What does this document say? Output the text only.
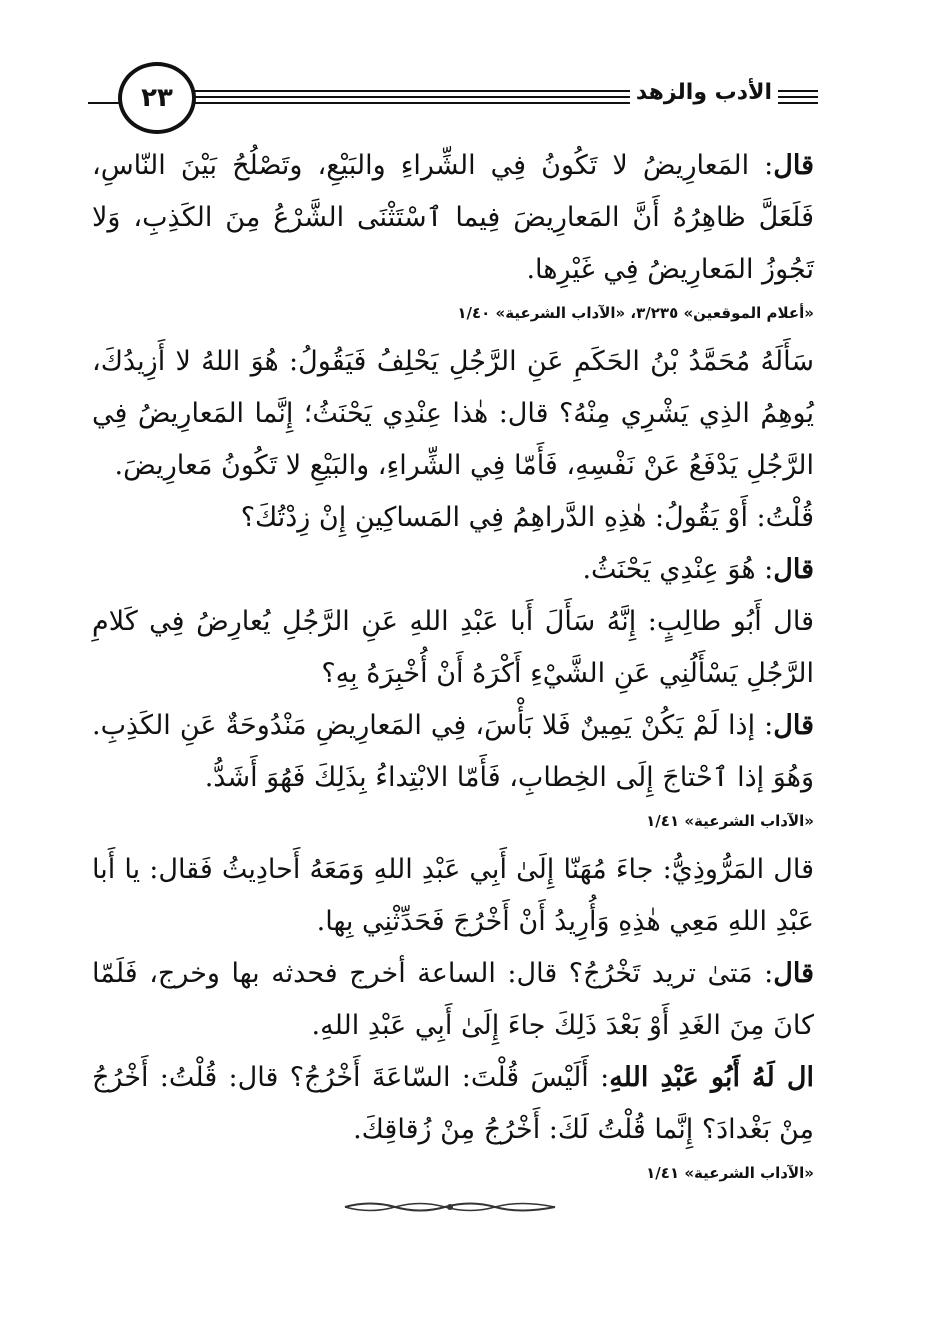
الأدب والزهد
٢٣

قال: المَعارِيضُ لا تَكُونُ فِي الشِّراءِ والبَيْعِ، وتَصْلُحُ بَيْنَ النّاسِ، فَلَعَلَّ ظاهِرُهُ أَنَّ المَعارِيضَ فِيما ٱسْتَثْنَى الشَّرْعُ مِنَ الكَذِبِ، وَلا تَجُوزُ المَعارِيضُ فِي غَيْرِها.

«أعلام الموقعين» ٣/٢٣٥، «الآداب الشرعية» ١/٤٠

سَأَلَهُ مُحَمَّدُ بْنُ الحَكَمِ عَنِ الرَّجُلِ يَحْلِفُ فَيَقُولُ: هُوَ اللهُ لا أَزِيدُكَ، يُوهِمُ الذِي يَشْرِي مِنْهُ؟ قال: هٰذا عِنْدِي يَحْنَثُ؛ إِنَّما المَعارِيضُ فِي الرَّجُلِ يَدْفَعُ عَنْ نَفْسِهِ، فَأَمّا فِي الشِّراءِ، والبَيْعِ لا تَكُونُ مَعارِيضَ.

قُلْتُ: أَوْ يَقُولُ: هٰذِهِ الدَّراهِمُ فِي المَساكِينِ إِنْ زِدْتُكَ؟

قال: هُوَ عِنْدِي يَحْنَثُ.

قال أَبُو طالِبٍ: إِنَّهُ سَأَلَ أَبا عَبْدِ اللهِ عَنِ الرَّجُلِ يُعارِضُ فِي كَلامِ الرَّجُلِ يَسْأَلُنِي عَنِ الشَّيْءِ أَكْرَهُ أَنْ أُخْبِرَهُ بِهِ؟

قال: إذا لَمْ يَكُنْ يَمِينٌ فَلا بَأْسَ، فِي المَعارِيضِ مَنْدُوحَةٌ عَنِ الكَذِبِ. وَهُوَ إذا ٱحْتاجَ إِلَى الخِطابِ، فَأَمّا الابْتِداءُ بِذَلِكَ فَهُوَ أَشَدُّ.

«الآداب الشرعية» ١/٤١

قال المَرُّوذِيُّ: جاءَ مُهَنّا إِلَىٰ أَبِي عَبْدِ اللهِ وَمَعَهُ أَحادِيثُ فَقال: يا أَبا عَبْدِ اللهِ مَعِي هٰذِهِ وَأُرِيدُ أَنْ أَخْرُجَ فَحَدِّثْنِي بِها.

قال: مَتىٰ تريد تَخْرُجُ؟ قال: الساعة أخرج فحدثه بها وخرج، فَلَمّا كانَ مِنَ الغَدِ أَوْ بَعْدَ ذَلِكَ جاءَ إِلَىٰ أَبِي عَبْدِ اللهِ.

ال لَهُ أَبُو عَبْدِ اللهِ: أَلَيْسَ قُلْتَ: السّاعَةَ أَخْرُجُ؟ قال: قُلْتُ: أَخْرُجُ مِنْ بَغْدادَ؟ إِنَّما قُلْتُ لَكَ: أَخْرُجُ مِنْ زُقاقِكَ.

«الآداب الشرعية» ١/٤١
